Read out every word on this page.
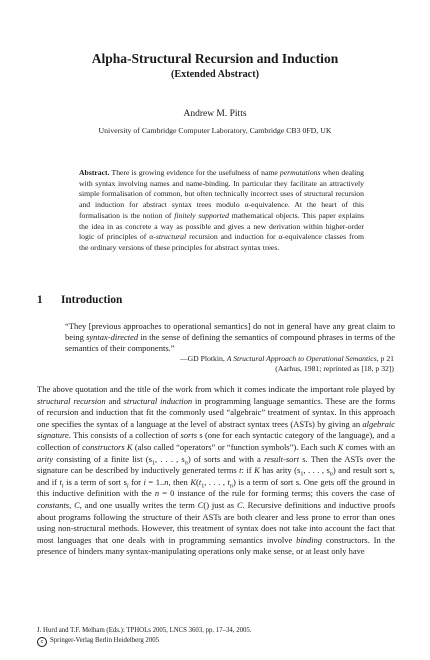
Alpha-Structural Recursion and Induction
(Extended Abstract)
Andrew M. Pitts
University of Cambridge Computer Laboratory, Cambridge CB3 0FD, UK
Abstract. There is growing evidence for the usefulness of name permutations when dealing with syntax involving names and name-binding. In particular they facilitate an attractively simple formalisation of common, but often technically incorrect uses of structural recursion and induction for abstract syntax trees modulo α-equivalence. At the heart of this formalisation is the notion of finitely supported mathematical objects. This paper explains the idea in as concrete a way as possible and gives a new derivation within higher-order logic of principles of α-structural recursion and induction for α-equivalence classes from the ordinary versions of these principles for abstract syntax trees.
1 Introduction
“They [previous approaches to operational semantics] do not in general have any great claim to being syntax-directed in the sense of defining the semantics of compound phrases in terms of the semantics of their components.”
—GD Plotkin, A Structural Approach to Operational Semantics, p 21
(Aarhus, 1981; reprinted as [18, p 32])
The above quotation and the title of the work from which it comes indicate the important role played by structural recursion and structural induction in programming language semantics. These are the forms of recursion and induction that fit the commonly used “algebraic” treatment of syntax. In this approach one specifies the syntax of a language at the level of abstract syntax trees (ASTs) by giving an algebraic signature. This consists of a collection of sorts s (one for each syntactic category of the language), and a collection of constructors K (also called “operators” or “function symbols”). Each such K comes with an arity consisting of a finite list ($s_1$, . . . , $s_n$) of sorts and with a result-sort s. Then the ASTs over the signature can be described by inductively generated terms t: if K has arity ($s_1$, . . . , $s_n$) and result sort s, and if $t_i$ is a term of sort $s_i$ for i = 1..n, then $K(t_1$, . . . , $t_n$) is a term of sort s. One gets off the ground in this inductive definition with the n = 0 instance of the rule for forming terms; this covers the case of constants, C, and one usually writes the term C() just as C. Recursive definitions and inductive proofs about programs following the structure of their ASTs are both clearer and less prone to error than ones using non-structural methods. However, this treatment of syntax does not take into account the fact that most languages that one deals with in programming semantics involve binding constructors. In the presence of binders many syntax-manipulating operations only make sense, or at least only have
J. Hurd and T.F. Melham (Eds.): TPHOLs 2005, LNCS 3603, pp. 17–34, 2005.
c Springer-Verlag Berlin Heidelberg 2005
